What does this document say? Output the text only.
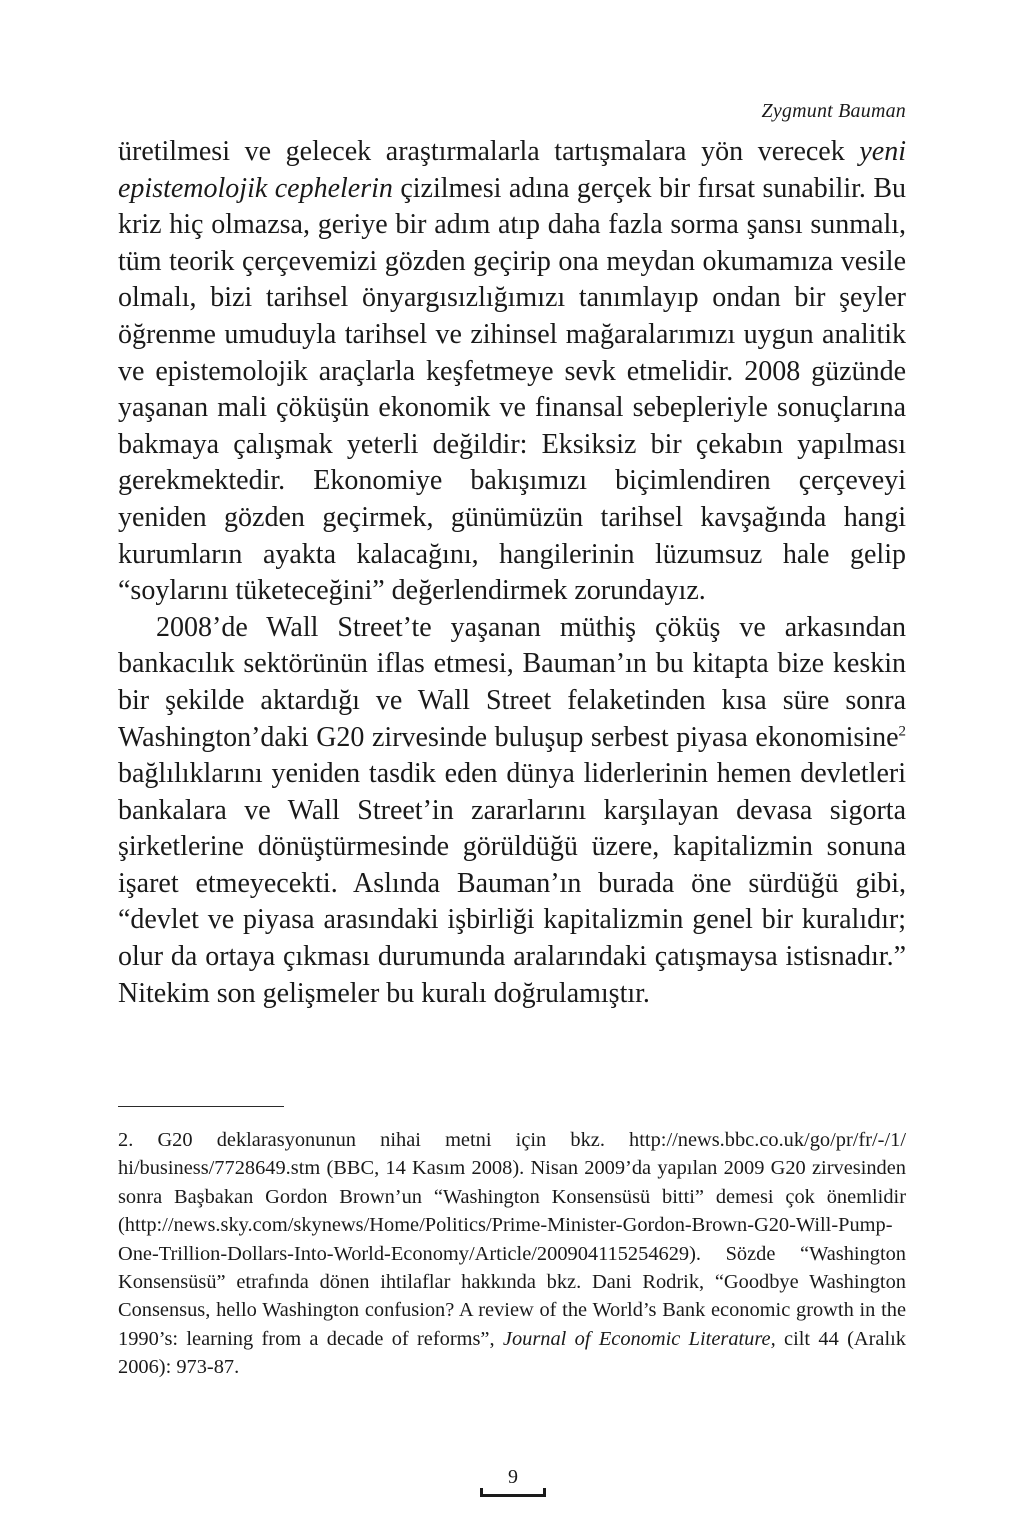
Zygmunt Bauman

üretilmesi ve gelecek araştırmalarla tartışmalara yön verecek yeni epistemolojik cephelerin çizilmesi adına gerçek bir fırsat sunabilir. Bu kriz hiç olmazsa, geriye bir adım atıp daha fazla sorma şansı sunmalı, tüm teorik çerçevemizi gözden geçirip ona meydan okumamıza vesile olmalı, bizi tarihsel önyargısızlığımızı tanımlayıp ondan bir şeyler öğrenme umuduyla tarihsel ve zihinsel mağaralarımızı uygun analitik ve epistemolojik araçlarla keşfetmeye sevk etmelidir. 2008 güzünde yaşanan mali çöküşün ekonomik ve finansal sebepleriyle sonuçlarına bakmaya çalışmak yeterli değildir: Eksiksiz bir çekabın yapılması gerekmektedir. Ekonomiye bakışımızı biçimlendiren çerçeveyi yeniden gözden geçirmek, günümüzün tarihsel kavşağında hangi kurumların ayakta kalacağını, hangilerinin lüzumsuz hale gelip “soylarını tüketeceğini” değerlendirmek zorundayız.

2008’de Wall Street’te yaşanan müthiş çöküş ve arkasından bankacılık sektörünün iflas etmesi, Bauman’ın bu kitapta bize keskin bir şekilde aktardığı ve Wall Street felaketinden kısa süre sonra Washington’daki G20 zirvesinde buluşup serbest piyasa ekonomisine$^2$ bağlılıklarını yeniden tasdik eden dünya liderlerinin hemen devletleri bankalara ve Wall Street’in zararlarını karşılayan devasa sigorta şirketlerine dönüştürmesinde görüldüğü üzere, kapitalizmin sonuna işaret etmeyecekti. Aslında Bauman’ın burada öne sürdüğü gibi, “devlet ve piyasa arasındaki işbirliği kapitalizmin genel bir kuralıdır; olur da ortaya çıkması durumunda aralarındaki çatışmaysa istisnadır.” Nitekim son gelişmeler bu kuralı doğrulamıştır.

2. G20 deklarasyonunun nihai metni için bkz. http://news.bbc.co.uk/go/pr/fr/-/1/ hi/business/7728649.stm (BBC, 14 Kasım 2008). Nisan 2009’da yapılan 2009 G20 zirvesinden sonra Başbakan Gordon Brown’un “Washington Konsensüsü bitti” demesi çok önemlidir (http://news.sky.com/skynews/Home/Politics/Prime-Minister-Gordon-Brown-G20-Will-Pump-One-Trillion-Dollars-Into-World-Economy/Article/200904115254629). Sözde “Washington Konsensüsü” etrafında dönen ihtilaflar hakkında bkz. Dani Rodrik, “Goodbye Washington Consensus, hello Washington confusion? A review of the World’s Bank economic growth in the 1990’s: learning from a decade of reforms”, Journal of Economic Literature, cilt 44 (Aralık 2006): 973-87.

9
